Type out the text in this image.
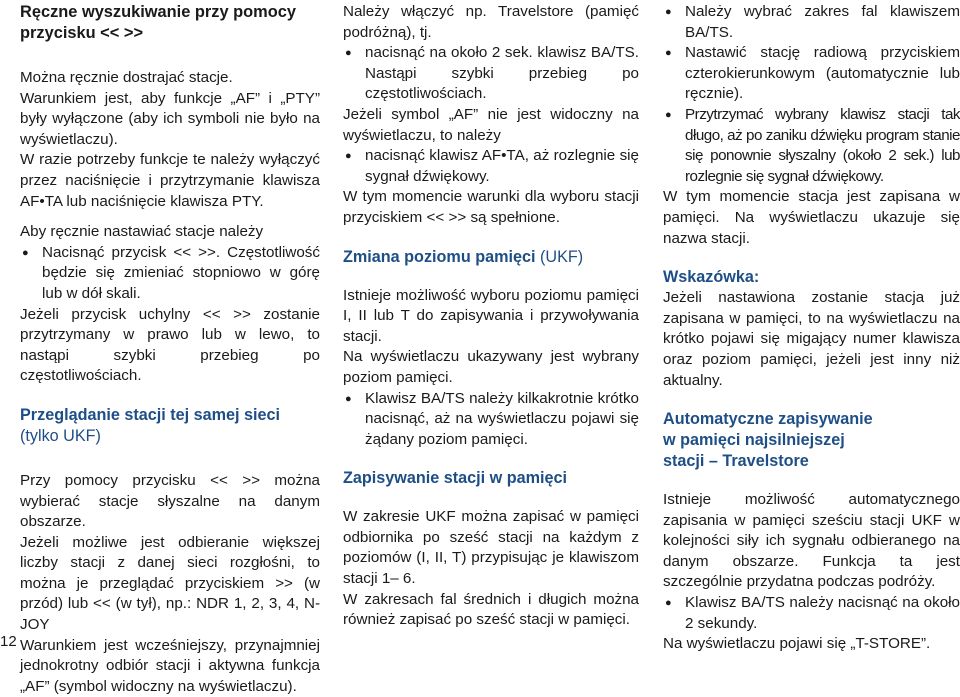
Ręczne wyszukiwanie przy pomocy przycisku << >>

Można ręcznie dostrajać stacje.

Warunkiem jest, aby funkcje „AF” i „PTY” były wyłączone (aby ich symboli nie było na wyświetlaczu).

W razie potrzeby funkcje te należy wyłączyć przez naciśnięcie i przytrzymanie klawisza AF•TA lub naciśnięcie klawisza PTY.

Aby ręcznie nastawiać stacje należy

● Nacisnąć przycisk << >>. Częstotliwość będzie się zmieniać stopniowo w górę lub w dół skali.

Jeżeli przycisk uchylny << >> zostanie przytrzymany w prawo lub w lewo, to nastąpi szybki przebieg po częstotliwościach.

Przeglądanie stacji tej samej sieci
(tylko UKF)

Przy pomocy przycisku << >> można wybierać stacje słyszalne na danym obszarze.

Jeżeli możliwe jest odbieranie większej liczby stacji z danej sieci rozgłośni, to można je przeglądać przyciskiem >> (w przód) lub << (w tył), np.: NDR 1, 2, 3, 4, N-JOY

Warunkiem jest wcześniejszy, przynajmniej jednokrotny odbiór stacji i aktywna funkcja „AF” (symbol widoczny na wyświetlaczu).

Należy włączyć np. Travelstore (pamięć podróżną), tj.

● nacisnąć na około 2 sek. klawisz BA/TS. Nastąpi szybki przebieg po częstotliwościach.

Jeżeli symbol „AF” nie jest widoczny na wyświetlaczu, to należy

● nacisnąć klawisz AF•TA, aż rozlegnie się sygnał dźwiękowy.

W tym momencie warunki dla wyboru stacji przyciskiem << >> są spełnione.

Zmiana poziomu pamięci (UKF)

Istnieje możliwość wyboru poziomu pamięci I, II lub T do zapisywania i przywoływania stacji.

Na wyświetlaczu ukazywany jest wybrany poziom pamięci.

● Klawisz BA/TS należy kilkakrotnie krótko nacisnąć, aż na wyświetlaczu pojawi się żądany poziom pamięci.
Zapisywanie stacji w pamięci

W zakresie UKF można zapisać w pamięci odbiornika po sześć stacji na każdym z poziomów (I, II, T) przypisując je klawiszom stacji 1– 6.

W zakresach fal średnich i długich można również zapisać po sześć stacji w pamięci.

● Należy wybrać zakres fal klawiszem BA/TS.
● Nastawić stację radiową przyciskiem czterokierunkowym (automatycznie lub ręcznie).
● Przytrzymać wybrany klawisz stacji tak długo, aż po zaniku dźwięku program stanie się ponownie słyszalny (około 2 sek.) lub rozlegnie się sygnał dźwiękowy.

W tym momencie stacja jest zapisana w pamięci. Na wyświetlaczu ukazuje się nazwa stacji.

Wskazówka:

Jeżeli nastawiona zostanie stacja już zapisana w pamięci, to na wyświetlaczu na krótko pojawi się migający numer klawisza oraz poziom pamięci, jeżeli jest inny niż aktualny.

Automatyczne zapisywanie
w pamięci najsilniejszej
stacji – Travelstore

Istnieje możliwość automatycznego zapisania w pamięci sześciu stacji UKF w kolejności siły ich sygnału odbieranego na danym obszarze. Funkcja ta jest szczególnie przydatna podczas podróży.

● Klawisz BA/TS należy nacisnąć na około 2 sekundy.

Na wyświetlaczu pojawi się „T-STORE”.

12
